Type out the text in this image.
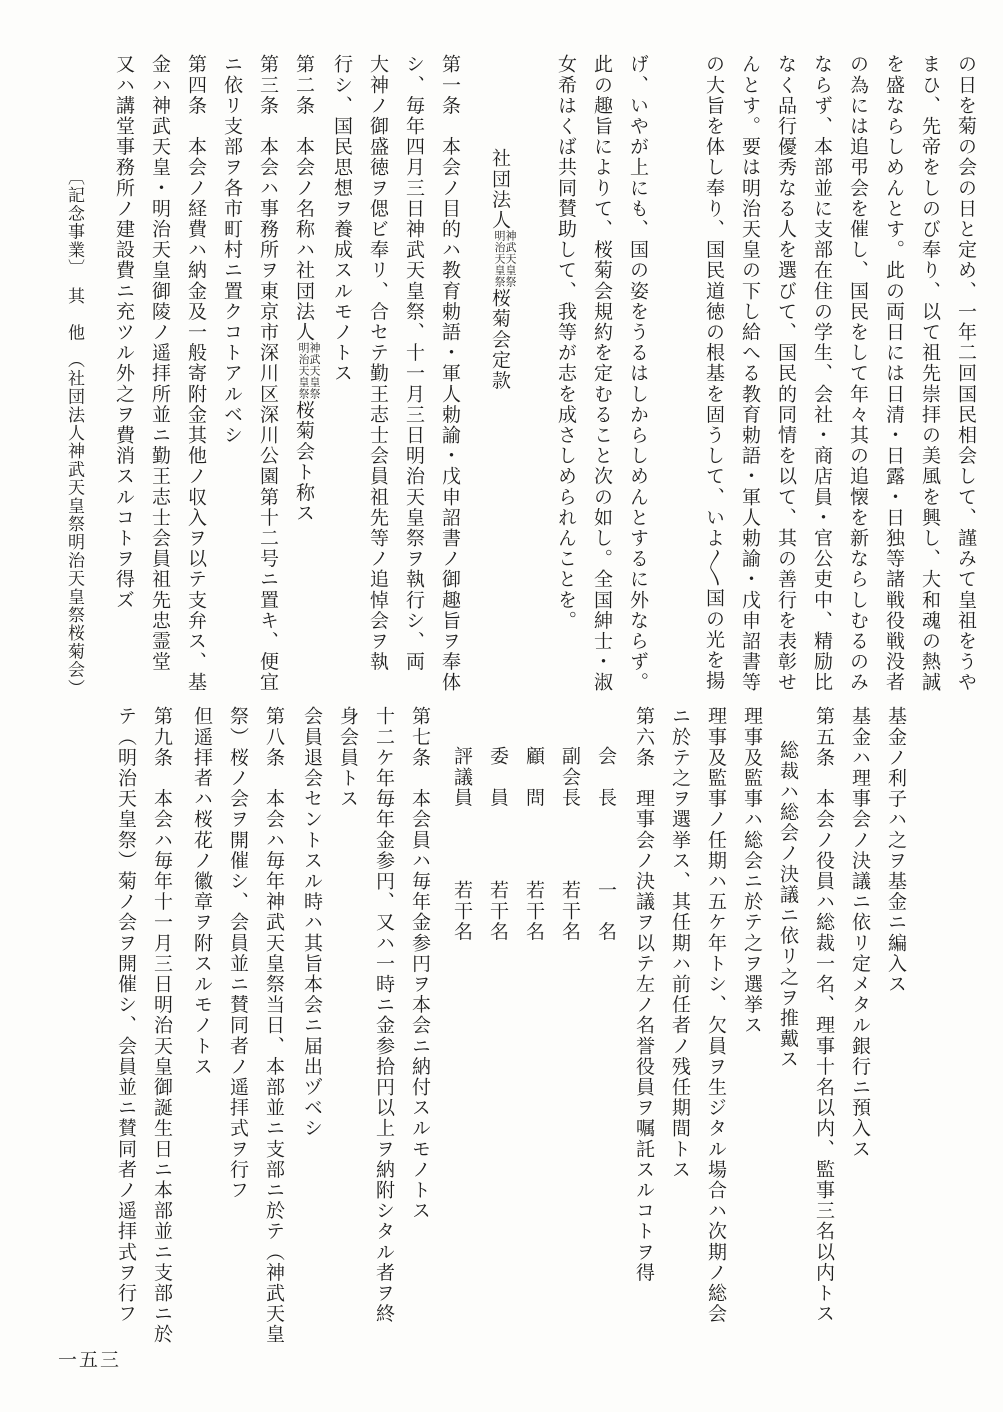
の日を菊の会の日と定め、一年二回国民相会して、謹みて皇祖をうや
まひ、先帝をしのび奉り、以て祖先崇拝の美風を興し、大和魂の熱誠
を盛ならしめんとす。此の両日には日清・日露・日独等諸戦役戦没者
の為には追弔会を催し、国民をして年々其の追懐を新ならしむるのみ
ならず、本部並に支部在住の学生、会社・商店員・官公吏中、精励比
なく品行優秀なる人を選びて、国民的同情を以て、其の善行を表彰せ
んとす。要は明治天皇の下し給へる教育勅語・軍人勅諭・戊申詔書等
の大旨を体し奉り、国民道徳の根基を固うして、いよ〳〵国の光を揚
げ、いやが上にも、国の姿をうるはしからしめんとするに外ならず。
此の趣旨によりて、桜菊会規約を定むること次の如し。全国紳士・淑
女希はくば共同賛助して、我等が志を成さしめられんことを。
社団法人
神武天皇祭
明治天皇祭
桜菊会定款
第一条　本会ノ目的ハ教育勅語・軍人勅諭・戊申詔書ノ御趣旨ヲ奉体
シ、毎年四月三日神武天皇祭、十一月三日明治天皇祭ヲ執行シ、両
大神ノ御盛徳ヲ偲ビ奉リ、合セテ勤王志士会員祖先等ノ追悼会ヲ執
行シ、国民思想ヲ養成スルモノトス
第二条　本会ノ名称ハ社団法人
神武天皇祭
明治天皇祭
桜菊会ト称ス
第三条　本会ハ事務所ヲ東京市深川区深川公園第十二号ニ置キ、便宜
ニ依リ支部ヲ各市町村ニ置クコトアルベシ
第四条　本会ノ経費ハ納金及一般寄附金其他ノ収入ヲ以テ支弁ス、基
金ハ神武天皇・明治天皇御陵ノ遥拝所並ニ勤王志士会員祖先忠霊堂
又ハ講堂事務所ノ建設費ニ充ツル外之ヲ費消スルコトヲ得ズ
〔記念事業〕　其　他　（社団法人神武天皇祭明治天皇祭桜菊会）
基金ノ利子ハ之ヲ基金ニ編入ス
基金ハ理事会ノ決議ニ依リ定メタル銀行ニ預入ス
第五条　本会ノ役員ハ総裁一名、理事十名以内、監事三名以内トス
総裁ハ総会ノ決議ニ依リ之ヲ推戴ス
理事及監事ハ総会ニ於テ之ヲ選挙ス
理事及監事ノ任期ハ五ケ年トシ、欠員ヲ生ジタル場合ハ次期ノ総会
ニ於テ之ヲ選挙ス、其任期ハ前任者ノ残任期間トス
第六条　理事会ノ決議ヲ以テ左ノ名誉役員ヲ嘱託スルコトヲ得
会　長
一　名
副会長
若干名
顧　問
若干名
委　員
若干名
評議員
若干名
第七条　本会員ハ毎年金参円ヲ本会ニ納付スルモノトス
十二ケ年毎年金参円、又ハ一時ニ金参拾円以上ヲ納附シタル者ヲ終
身会員トス
会員退会セントスル時ハ其旨本会ニ届出ヅベシ
第八条　本会ハ毎年神武天皇祭当日、本部並ニ支部ニ於テ（神武天皇
祭）桜ノ会ヲ開催シ、会員並ニ賛同者ノ遥拝式ヲ行フ
但遥拝者ハ桜花ノ徽章ヲ附スルモノトス
第九条　本会ハ毎年十一月三日明治天皇御誕生日ニ本部並ニ支部ニ於
テ（明治天皇祭）菊ノ会ヲ開催シ、会員並ニ賛同者ノ遥拝式ヲ行フ
一五三
